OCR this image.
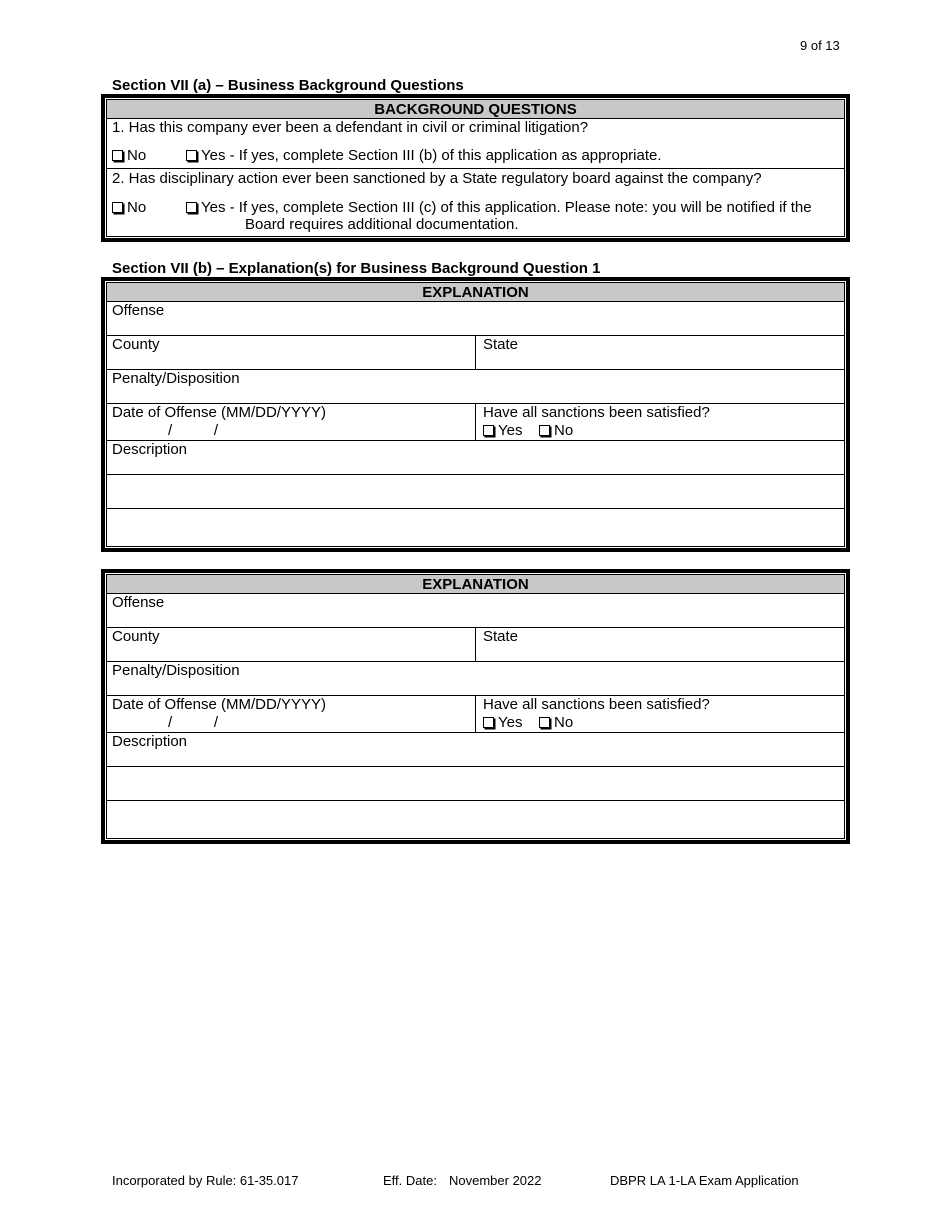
9 of 13
Section VII (a) – Business Background Questions
BACKGROUND QUESTIONS
1. Has this company ever been a defendant in civil or criminal litigation?
No	Yes - If yes, complete Section III (b) of this application as appropriate.
2. Has disciplinary action ever been sanctioned by a State regulatory board against the company?
No	Yes - If yes, complete Section III (c) of this application. Please note: you will be notified if the
Board requires additional documentation.
Section VII (b) – Explanation(s) for Business Background Question 1
EXPLANATION
Offense
County	State
Penalty/Disposition
Date of Offense (MM/DD/YYYY)
/          /
Have all sanctions been satisfied?
Yes	No
Description
EXPLANATION
Offense
County	State
Penalty/Disposition
Date of Offense (MM/DD/YYYY)
/          /
Have all sanctions been satisfied?
Yes	No
Description
Incorporated by Rule: 61-35.017	Eff. Date: November 2022	DBPR LA 1-LA Exam Application
